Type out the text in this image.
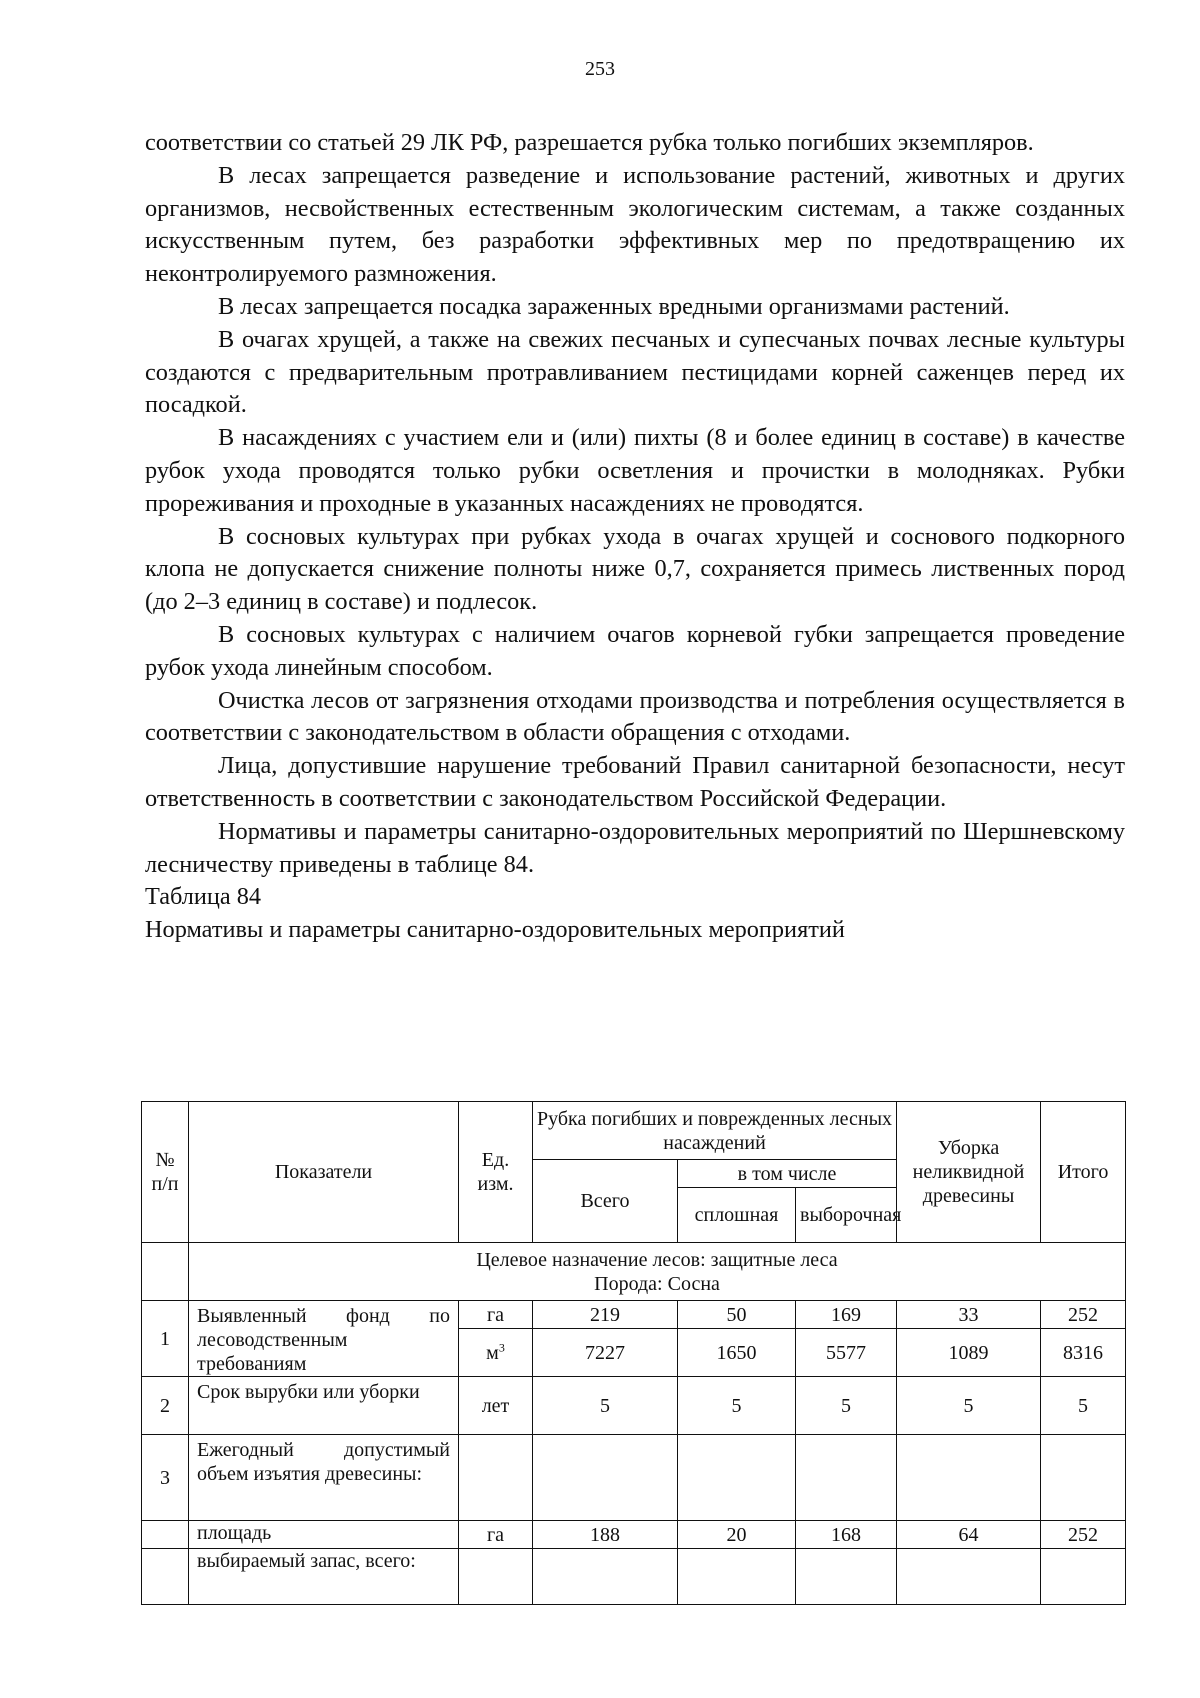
253

соответствии со статьей 29 ЛК РФ, разрешается рубка только погибших экземпляров.

В лесах запрещается разведение и использование растений, животных и других организмов, несвойственных естественным экологическим системам, а также созданных искусственным путем, без разработки эффективных мер по предотвращению их неконтролируемого размножения.

В лесах запрещается посадка зараженных вредными организмами растений.

В очагах хрущей, а также на свежих песчаных и супесчаных почвах лесные культуры создаются с предварительным протравливанием пестицидами корней саженцев перед их посадкой.

В насаждениях с участием ели и (или) пихты (8 и более единиц в составе) в качестве рубок ухода проводятся только рубки осветления и прочистки в молодняках. Рубки прореживания и проходные в указанных насаждениях не проводятся.

В сосновых культурах при рубках ухода в очагах хрущей и соснового подкорного клопа не допускается снижение полноты ниже 0,7, сохраняется примесь лиственных пород (до 2–3 единиц в составе) и подлесок.

В сосновых культурах с наличием очагов корневой губки запрещается проведение рубок ухода линейным способом.

Очистка лесов от загрязнения отходами производства и потребления осуществляется в соответствии с законодательством в области обращения с отходами.

Лица, допустившие нарушение требований Правил санитарной безопасности, несут ответственность в соответствии с законодательством Российской Федерации.

Нормативы и параметры санитарно-оздоровительных мероприятий по Шершневскому лесничеству приведены в таблице 84.

Таблица 84

Нормативы и параметры санитарно-оздоровительных мероприятий

№ п/п	Показатели	Ед. изм.	Рубка погибших и поврежденных лесных насаждений			Уборка неликвидной древесины	Итого
			Всего	в том числе			
				сплошная	выборочная		

	Целевое назначение лесов: защитные леса
Порода: Сосна						

1	Выявленный фонд по лесоводственным требованиям	га	219	50	169	33	252
		$м^3$	7227	1650	5577	1089	8316
2	Срок вырубки или уборки	лет	5	5	5	5	5
3	Ежегодный допустимый объем изъятия древесины:						
	площадь	га	188	20	168	64	252
	выбираемый запас, всего:						
